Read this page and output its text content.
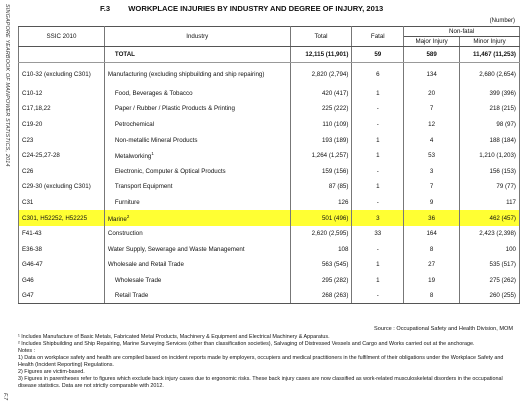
SINGAPORE YEARBOOK OF MANPOWER STATISTICS, 2014
F.7
F.3 WORKPLACE INJURIES BY INDUSTRY AND DEGREE OF INJURY, 2013
(Number)
SSIC 2010	Industry	Total	Fatal	Non-fatal	
				Major Injury	Minor Injury
	TOTAL	12,115 (11,901)	59	589	11,467 (11,253)
C10-32 (excluding C301)	Manufacturing (excluding shipbuilding and ship repairing)	2,820 (2,794)	6	134	2,680 (2,654)
C10-12	Food, Beverages & Tobacco	420 (417)	1	20	399 (396)
C17,18,22	Paper / Rubber / Plastic Products & Printing	225 (222)	-	7	218 (215)
C19-20	Petrochemical	110 (109)	-	12	98 (97)
C23	Non-metallic Mineral Products	193 (189)	1	4	188 (184)
C24-25,27-28	Metalworking$^1$	1,264 (1,257)	1	53	1,210 (1,203)
C26	Electronic, Computer & Optical Products	159 (156)	-	3	156 (153)
C29-30 (excluding C301)	Transport Equipment	87 (85)	1	7	79 (77)
C31	Furniture	126	-	9	117
C301, H52252, H52225	Marine$^2$	501 (496)	3	36	462 (457)
F41-43	Construction	2,620 (2,595)	33	164	2,423 (2,398)
E36-38	Water Supply, Sewerage and Waste Management	108	-	8	100
G46-47	Wholesale and Retail Trade	563 (545)	1	27	535 (517)
G46	Wholesale Trade	295 (282)	1	19	275 (262)
G47	Retail Trade	268 (263)	-	8	260 (255)
Source : Occupational Safety and Health Division, MOM

¹ Includes Manufacture of Basic Metals, Fabricated Metal Products, Machinery & Equipment and Electrical Machinery & Apparatus.

² Includes Shipbuilding and Ship Repairing, Marine Surveying Services (other than classification societies), Salvaging of Distressed Vessels and Cargo and Works carried out at the anchorage.

Notes :

1) Data on workplace safety and health are compiled based on incident reports made by employers, occupiers and medical practitioners in the fulfilment of their obligations under the Workplace Safety and Health (Incident Reporting) Regulations.

2) Figures are victim-based.

3) Figures in parentheses refer to figures which exclude back injury cases due to ergonomic risks. These back injury cases are now classified as work-related musculoskeletal disorders in the occupational disease statistics. Data are not strictly comparable with 2012.
